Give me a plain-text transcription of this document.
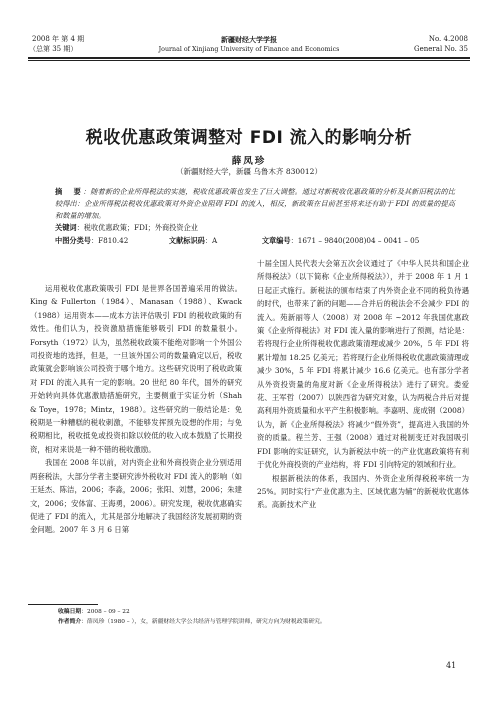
2008 年 第 4 期
（总第 35 期）
新疆财经大学学报
Journal of Xinjiang University of Finance and Economics
No. 4.2008
General No. 35
税收优惠政策调整对 FDI 流入的影响分析
薛凤珍
（新疆财经大学，新疆 乌鲁木齐 830012）
摘　要：随着新的企业所得税法的实施，税收优惠政策也发生了巨大调整。通过对新税收优惠政策的分析及其新旧税法的比较得出：企业所得税法税收优惠政策对外资企业阻碍 FDI 的流入，相反，新政策在目前甚至将来还有助于 FDI 的质量的提高和数量的增加。
关键词：税收优惠政策；FDI；外商投资企业
中图分类号：F810.42	文献标识码：A	文章编号：1671 – 9840(2008)04 – 0041 – 05

运用税收优惠政策吸引 FDI 是世界各国普遍采用的做法。King & Fullerton（1984）、Manasan（1988）、Kwack（1988）运用资本——成本方法评估吸引 FDI 的税收政策的有效性。他们认为，投资激励措施能够吸引 FDI 的数量很小。Forsyth（1972）认为，虽然税收政策不能绝对影响一个外国公司投资地的选择，但是，一旦该外国公司的数量确定以后，税收政策就会影响该公司投资于哪个地方。这些研究说明了税收政策对 FDI 的流入具有一定的影响。20 世纪 80 年代，国外的研究开始转向具体优惠激励措施研究，主要侧重于实证分析（Shah & Toye，1978；Mintz，1988）。这些研究的一般结论是：免税期是一种糟糕的税收刺激，不能够发挥预先设想的作用；与免税期相比，税收抵免或投资扣除以较低的收入成本鼓励了长期投资，相对来说是一种不错的税收激励。

我国在 2008 年以前，对内资企业和外商投资企业分别适用两套税法，大部分学者主要研究涉外税收对 FDI 流入的影响（如王延杰、陈洁，2006；李淼，2006；张阳、刘慧，2006；朱建文，2006；安体富、王海勇，2006）。研究发现，税收优惠确实促进了 FDI 的流入，尤其是部分地解决了我国经济发展初期的资金问题。2007 年 3 月 6 日第

十届全国人民代表大会第五次会议通过了《中华人民共和国企业所得税法》（以下简称《企业所得税法》），并于 2008 年 1 月 1 日起正式施行。新税法的颁布结束了内外资企业不同的税负待遇的时代，也带来了新的问题——合并后的税法会不会减少 FDI 的流入。苑新丽等人（2008）对 2008 年 ~2012 年我国优惠政策《企业所得税法》对 FDI 流入量的影响进行了预测，结论是：若将现行企业所得税收优惠政策清理或减少 20%，5 年 FDI 将累计增加 18.25 亿美元；若将现行企业所得税收优惠政策清理或减少 30%，5 年 FDI 将累计减少 16.6 亿美元。也有部分学者从外资投资量的角度对新《企业所得税法》进行了研究。娄爱花、王军哲（2007）以陕西省为研究对象，认为两税合并后对提高利用外资质量和水平产生积极影响。李嘉明、庞成钢（2008）认为，新《企业所得税法》将减少“假外资”，提高进入我国的外资的质量。程兰芳、王强（2008）通过对税制变迁对我国吸引 FDI 影响的实证研究，认为新税法中统一的产业优惠政策将有利于优化外商投资的产业结构，将 FDI 引向特定的领域和行业。

根据新税法的体系，我国内、外资企业所得税税率统一为 25%。同时实行“产业优惠为主、区域优惠为辅”的新税收优惠体系。高新技术产业

收稿日期：2008 – 09 – 22
作者简介：薛凤珍（1980 – ），女，新疆财经大学公共经济与管理学院讲师，研究方向为财税政策研究。
41
